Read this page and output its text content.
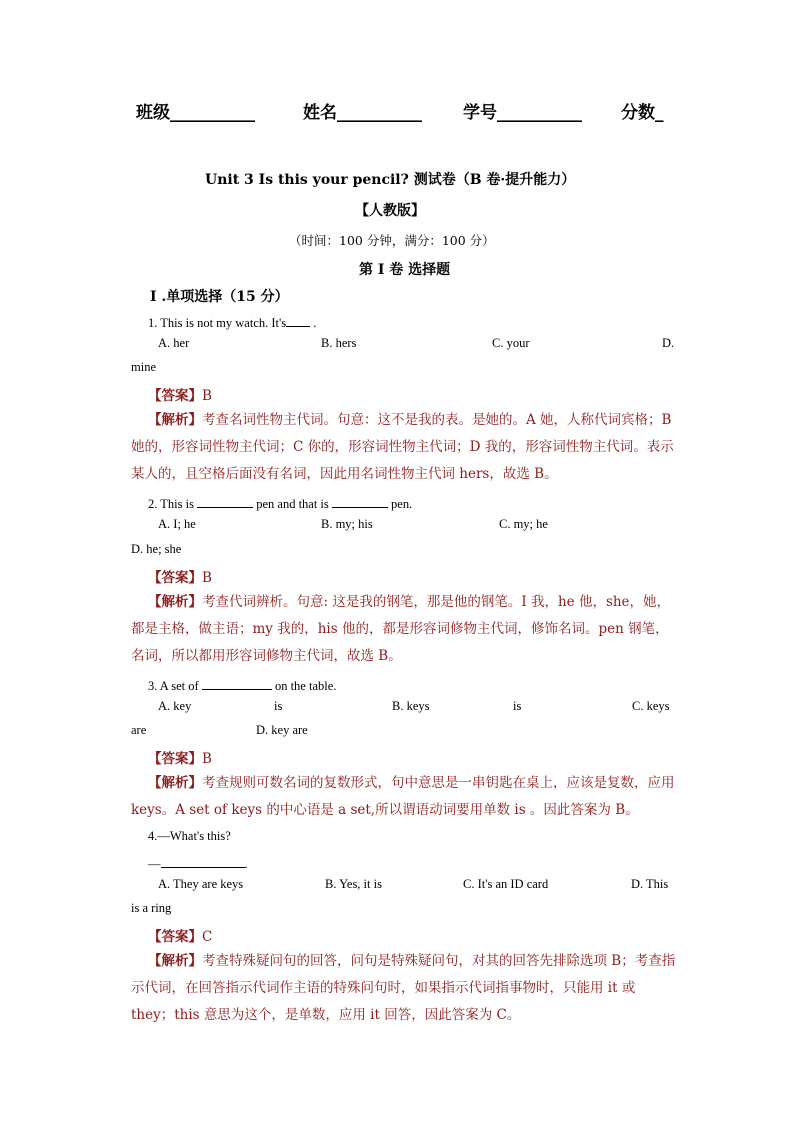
班级__________	姓名__________ 学号__________ 分数_
Unit 3 Is this your pencil? 测试卷（B 卷·提升能力）
【人教版】
（时间：100 分钟，满分：100 分）
第 I 卷 选择题
I .单项选择（15 分）
1. This is not my watch. It's .
A. her	B. hers	C. your	D.
mine
【答案】B
【解析】考查名词性物主代词。句意：这不是我的表。是她的。A 她，人称代词宾格；B 她的，形容词性物主代词；C 你的，形容词性物主代词；D 我的，形容词性物主代词。表示某人的，且空格后面没有名词，因此用名词性物主代词 hers，故选 B。
2. This is	pen and that is	pen.
A. I; he	B. my; his	C. my; he
D. he; she
【答案】B
【解析】考查代词辨析。句意: 这是我的钢笔，那是他的钢笔。I 我，he 他，she，她，都是主格，做主语；my 我的，his 他的，都是形容词修物主代词，修饰名词。pen 钢笔，名词，所以都用形容词修物主代词，故选 B。
3. A set of	on the table.
A. key	is	B. keys	is	C. keys
are	D. key are
【答案】B
【解析】考查规则可数名词的复数形式，句中意思是一串钥匙在桌上，应该是复数，应用 keys。A set of keys 的中心语是 a set,所以谓语动词要用单数 is 。因此答案为 B。
4.—What's this?
—	.
A. They are keys	B. Yes, it is	C. It's an ID card	D. This
is a ring
【答案】C
【解析】考查特殊疑问句的回答，问句是特殊疑问句，对其的回答先排除选项 B；考查指示代词，在回答指示代词作主语的特殊问句时，如果指示代词指事物时，只能用 it 或 they；this 意思为这个，是单数，应用 it 回答，因此答案为 C。
